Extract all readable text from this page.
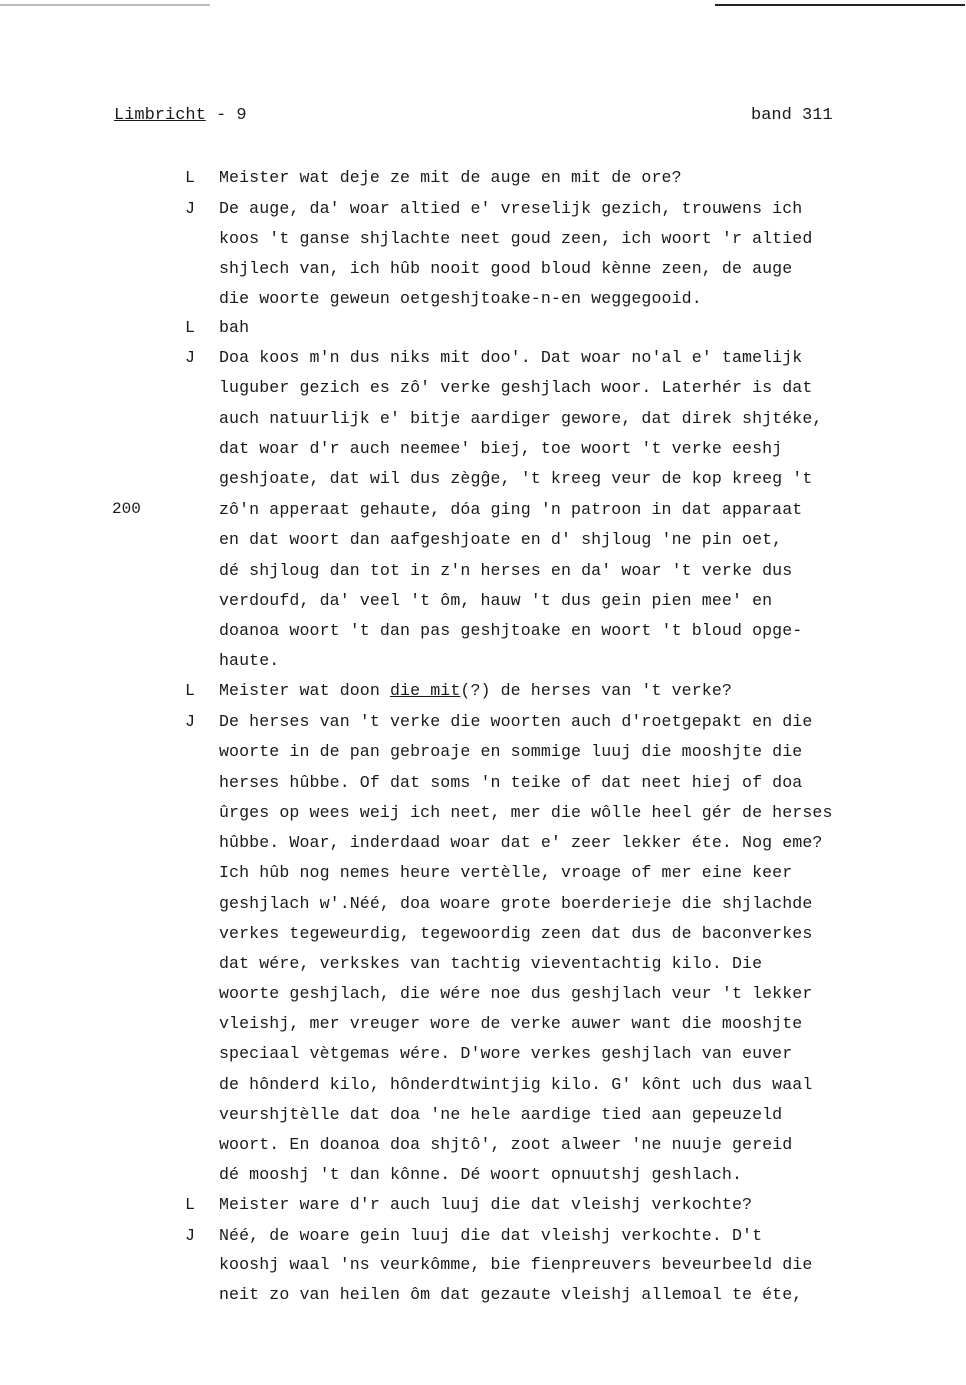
Limbricht - 9	band 311
L Meister wat deje ze mit de auge en mit de ore?
J De auge, da' woar altied e' vreselijk gezich, trouwens ich
koos 't ganse shjlachte neet goud zeen, ich woort 'r altied
shjlech van, ich hûb nooit good bloud kènne zeen, de auge
die woorte geweun oetgeshjtoake-n-en weggegooid.
L bah
J Doa koos m'n dus niks mit doo'. Dat woar no'al e' tamelijk
luguber gezich es zô' verke geshjlach woor. Laterhér is dat
auch natuurlijk e' bitje aardiger gewore, dat direk shjtéke,
dat woar d'r auch neemee' biej, toe woort 't verke eeshj
geshjoate, dat wil dus zègĝe, 't kreeg veur de kop kreeg 't
zô'n apperaat gehaute, dóa ging 'n patroon in dat apparaat
200
en dat woort dan aafgeshjoate en d' shjloug 'ne pin oet,
dé shjloug dan tot in z'n herses en da' woar 't verke dus
verdoufd, da' veel 't ôm, hauw 't dus gein pien mee' en
doanoa woort 't dan pas geshjtoake en woort 't bloud opge-
haute.
L Meister wat doon die mit(?) de herses van 't verke?
J De herses van 't verke die woorten auch d'roetgepakt en die
woorte in de pan gebroaje en sommige luuj die mooshjte die
herses hûbbe. Of dat soms 'n teike of dat neet hiej of doa
ûrges op wees weij ich neet, mer die wôlle heel gér de herses
hûbbe. Woar, inderdaad woar dat e' zeer lekker éte. Nog eme?
Ich hûb nog nemes heure vertèlle, vroage of mer eine keer
geshjlach w'.Néé, doa woare grote boerderieje die shjlachde
verkes tegeweurdig, tegewoordig zeen dat dus de baconverkes
dat wére, verkskes van tachtig vieventachtig kilo. Die
woorte geshjlach, die wére noe dus geshjlach veur 't lekker
vleishj, mer vreuger wore de verke auwer want die mooshjte
speciaal vètgemas wére. D'wore verkes geshjlach van euver
de hônderd kilo, hônderdtwintjig kilo. G' kônt uch dus waal
veurshjtèlle dat doa 'ne hele aardige tied aan gepeuzeld
woort. En doanoa doa shjtô', zoot alweer 'ne nuuje gereid
dé mooshj 't dan kônne. Dé woort opnuutshj geshlach.
L Meister ware d'r auch luuj die dat vleishj verkochte?
J Néé, de woare gein luuj die dat vleishj verkochte. D't
kooshj waal 'ns veurkômme, bie fienpreuvers beveurbeeld die
neit zo van heilen ôm dat gezaute vleishj allemoal te éte,
